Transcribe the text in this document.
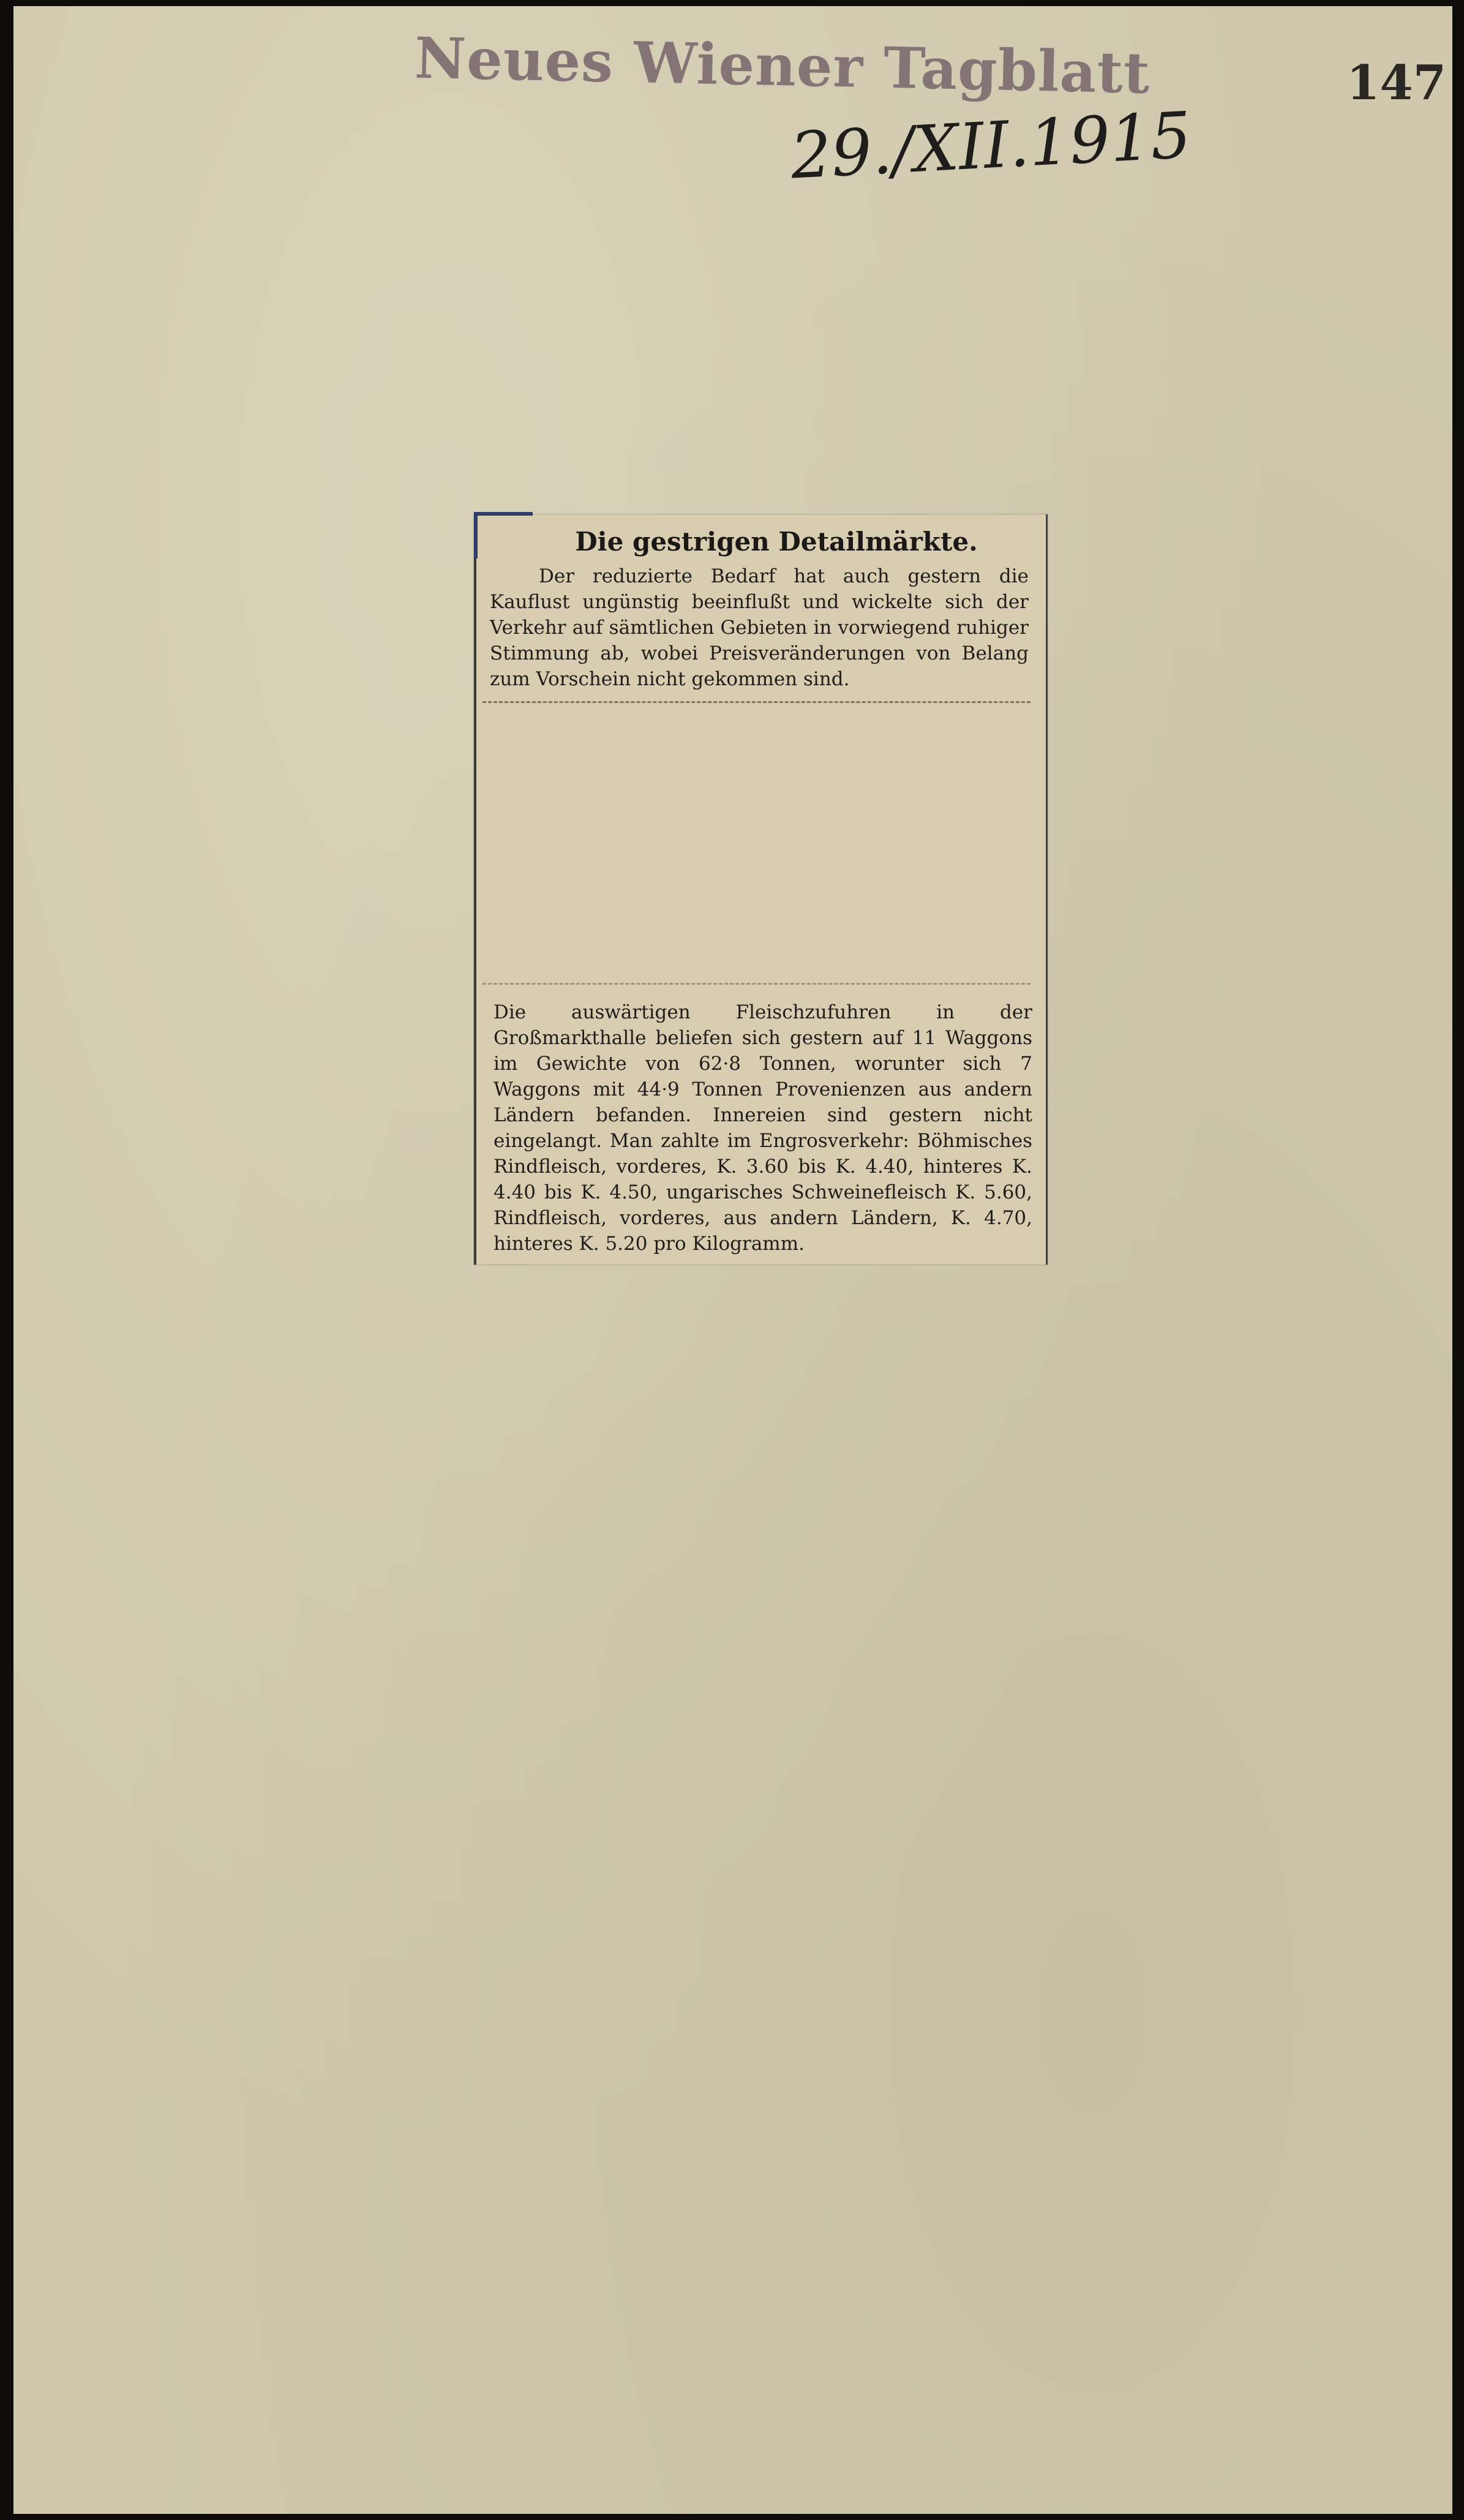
Neues Wiener Tagblatt	147
29./XII.1915
Die gestrigen Detailmärkte.

Der reduzierte Bedarf hat auch gestern die Kauflust ungünstig beeinflußt und wickelte sich der Verkehr auf sämtlichen Gebieten in vorwiegend ruhiger Stimmung ab, wobei Preisveränderungen von Belang zum Vorschein nicht gekommen sind.

Die auswärtigen Fleischzufuhren in der Großmarkthalle beliefen sich gestern auf 11 Waggons im Gewichte von 62·8 Tonnen, worunter sich 7 Waggons mit 44·9 Tonnen Provenienzen aus andern Ländern befanden. Innereien sind gestern nicht eingelangt. Man zahlte im Engrosverkehr: Böhmisches Rindfleisch, vorderes, K. 3.60 bis K. 4.40, hinteres K. 4.40 bis K. 4.50, ungarisches Schweinefleisch K. 5.60, Rindfleisch, vorderes, aus andern Ländern, K. 4.70, hinteres K. 5.20 pro Kilogramm.
